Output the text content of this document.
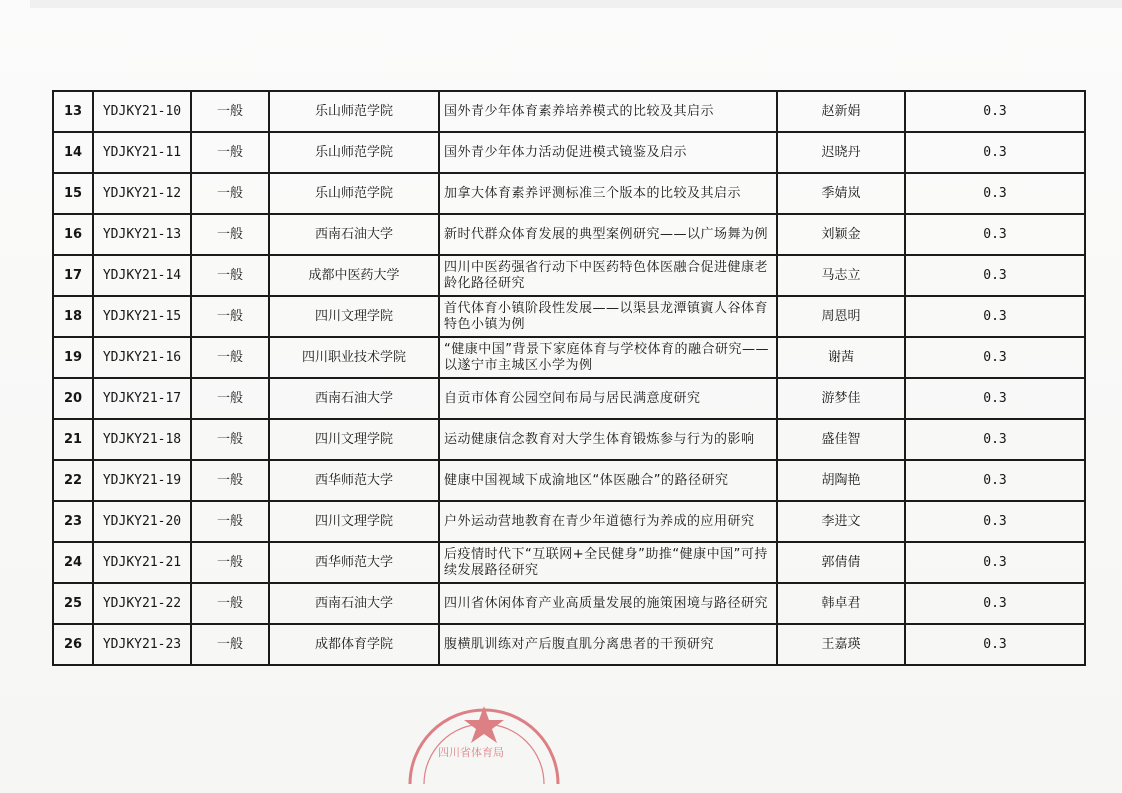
13	YDJKY21-10	一般	乐山师范学院	国外青少年体育素养培养模式的比较及其启示	赵新娟	0.3
14	YDJKY21-11	一般	乐山师范学院	国外青少年体力活动促进模式镜鉴及启示	迟晓丹	0.3
15	YDJKY21-12	一般	乐山师范学院	加拿大体育素养评测标准三个版本的比较及其启示	季婧岚	0.3
16	YDJKY21-13	一般	西南石油大学	新时代群众体育发展的典型案例研究——以广场舞为例	刘颖金	0.3
17	YDJKY21-14	一般	成都中医药大学	四川中医药强省行动下中医药特色体医融合促进健康老龄化路径研究	马志立	0.3
18	YDJKY21-15	一般	四川文理学院	首代体育小镇阶段性发展——以渠县龙潭镇賨人谷体育特色小镇为例	周恩明	0.3
19	YDJKY21-16	一般	四川职业技术学院	“健康中国”背景下家庭体育与学校体育的融合研究——以遂宁市主城区小学为例	谢茜	0.3
20	YDJKY21-17	一般	西南石油大学	自贡市体育公园空间布局与居民满意度研究	游梦佳	0.3
21	YDJKY21-18	一般	四川文理学院	运动健康信念教育对大学生体育锻炼参与行为的影响	盛佳智	0.3
22	YDJKY21-19	一般	西华师范大学	健康中国视域下成渝地区“体医融合”的路径研究	胡陶艳	0.3
23	YDJKY21-20	一般	四川文理学院	户外运动营地教育在青少年道德行为养成的应用研究	李进文	0.3
24	YDJKY21-21	一般	西华师范大学	后疫情时代下“互联网+全民健身”助推“健康中国”可持续发展路径研究	郭倩倩	0.3
25	YDJKY21-22	一般	西南石油大学	四川省休闲体育产业高质量发展的施策困境与路径研究	韩卓君	0.3
26	YDJKY21-23	一般	成都体育学院	腹横肌训练对产后腹直肌分离患者的干预研究	王嘉瑛	0.3
四川省体育局
